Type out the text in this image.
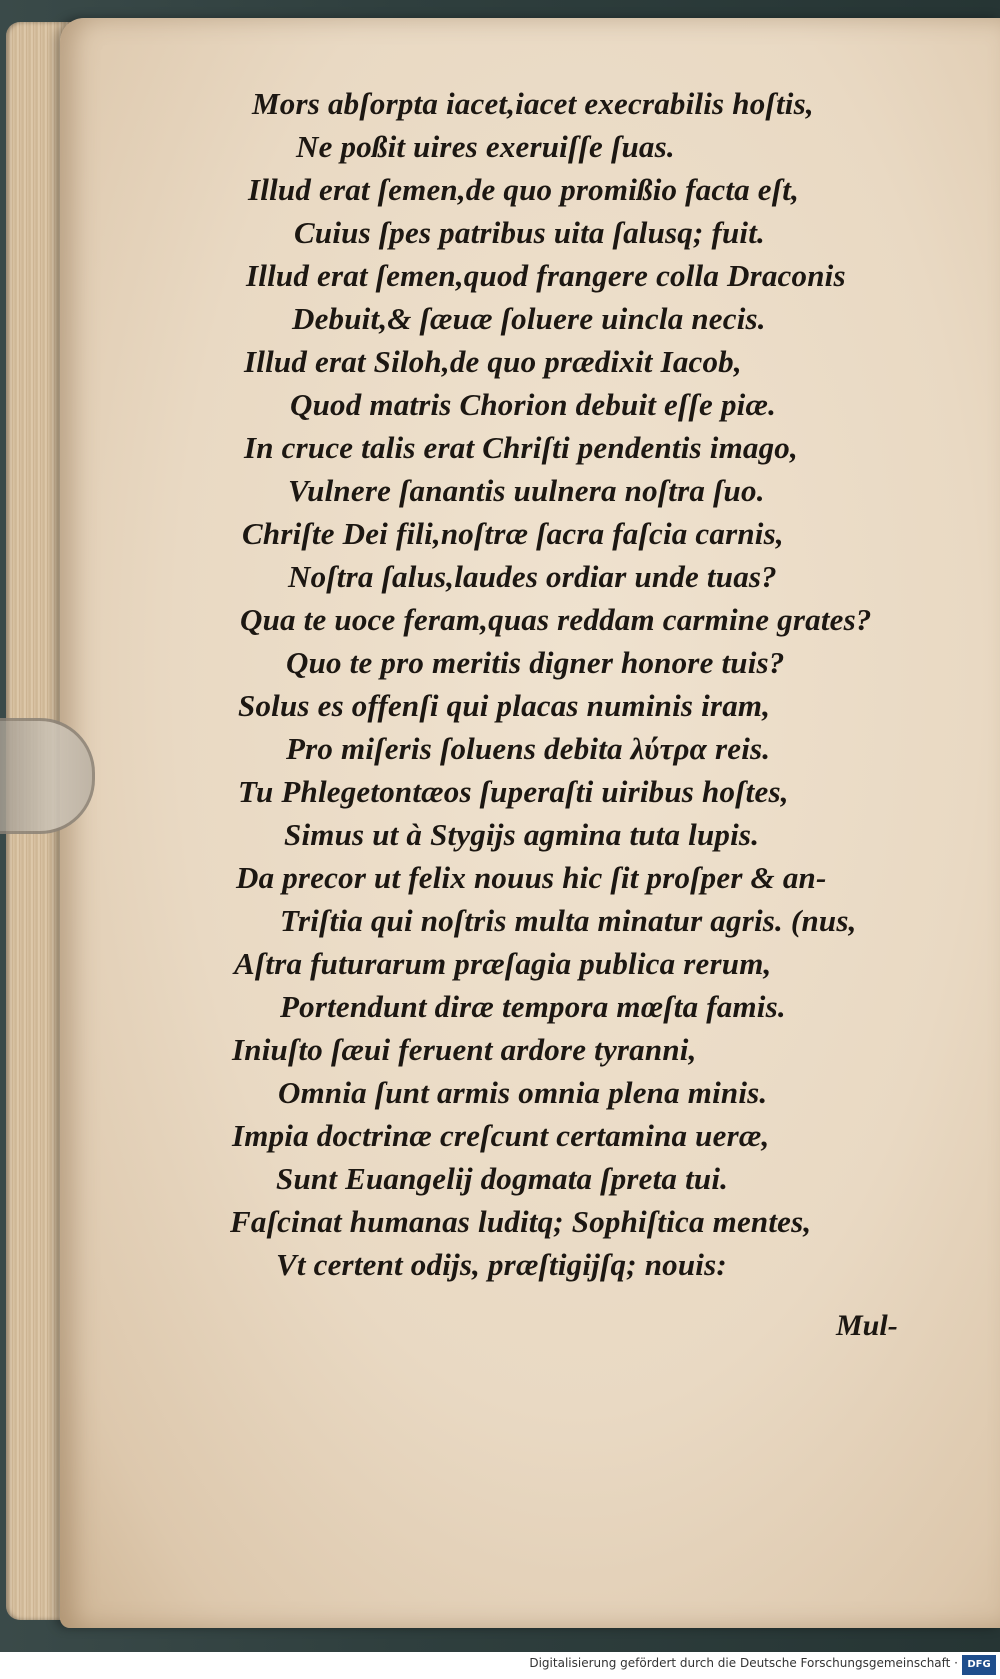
Mors abſorpta iacet,iacet execrabilis hoſtis,
Ne poßit uires exeruiſſe ſuas.
Illud erat ſemen,de quo promißio facta eſt,
Cuius ſpes patribus uita ſalusq; fuit.
Illud erat ſemen,quod frangere colla Draconis
Debuit,& ſæuæ ſoluere uincla necis.
Illud erat Siloh,de quo prædixit Iacob,
Quod matris Chorion debuit eſſe piæ.
In cruce talis erat Chriſti pendentis imago,
Vulnere ſanantis uulnera noſtra ſuo.
Chriſte Dei fili,noſtræ ſacra faſcia carnis,
Noſtra ſalus,laudes ordiar unde tuas?
Qua te uoce feram,quas reddam carmine grates?
Quo te pro meritis digner honore tuis?
Solus es offenſi qui placas numinis iram,
Pro miſeris ſoluens debita λύτρα reis.
Tu Phlegetontæos ſuperaſti uiribus hoſtes,
Simus ut à Stygijs agmina tuta lupis.
Da precor ut felix nouus hic ſit proſper & an-
Triſtia qui noſtris multa minatur agris. (nus,
Aſtra futurarum præſagia publica rerum,
Portendunt diræ tempora mœſta famis.
Iniuſto ſæui feruent ardore tyranni,
Omnia ſunt armis omnia plena minis.
Impia doctrinæ creſcunt certamina ueræ,
Sunt Euangelij dogmata ſpreta tui.
Faſcinat humanas luditq; Sophiſtica mentes,
Vt certent odijs, præſtigijſq; nouis:
Mul-
Digitalisierung gefördert durch die Deutsche Forschungsgemeinschaft · DFG
